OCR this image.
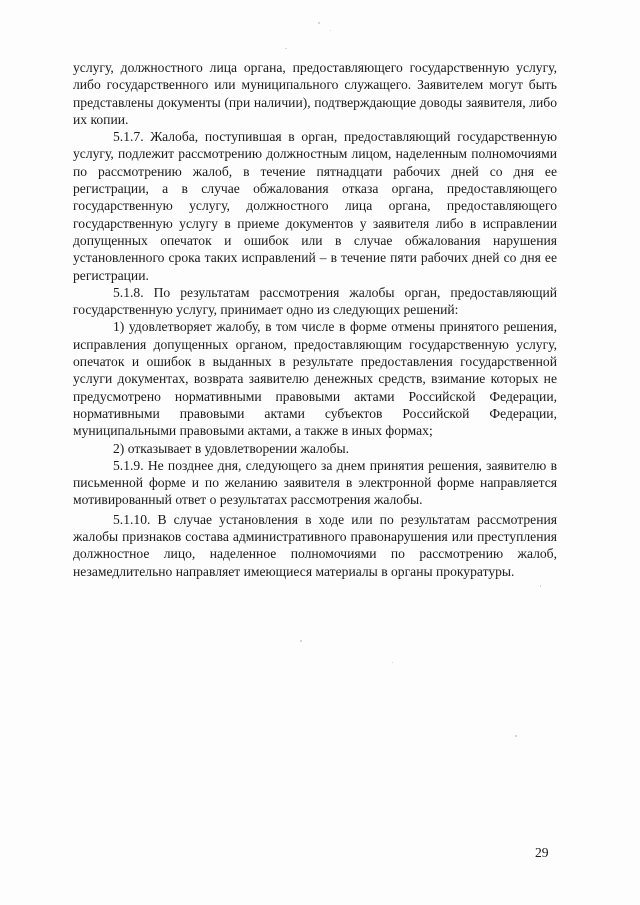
услугу, должностного лица органа, предоставляющего государственную услугу, либо государственного или муниципального служащего. Заявителем могут быть представлены документы (при наличии), подтверждающие доводы заявителя, либо их копии.

5.1.7. Жалоба, поступившая в орган, предоставляющий государственную услугу, подлежит рассмотрению должностным лицом, наделенным полномочиями по рассмотрению жалоб, в течение пятнадцати рабочих дней со дня ее регистрации, а в случае обжалования отказа органа, предоставляющего государственную услугу, должностного лица органа, предоставляющего государственную услугу в приеме документов у заявителя либо в исправлении допущенных опечаток и ошибок или в случае обжалования нарушения установленного срока таких исправлений – в течение пяти рабочих дней со дня ее регистрации.

5.1.8. По результатам рассмотрения жалобы орган, предоставляющий государственную услугу, принимает одно из следующих решений:

1) удовлетворяет жалобу, в том числе в форме отмены принятого решения, исправления допущенных органом, предоставляющим государственную услугу, опечаток и ошибок в выданных в результате предоставления государственной услуги документах, возврата заявителю денежных средств, взимание которых не предусмотрено нормативными правовыми актами Российской Федерации, нормативными правовыми актами субъектов Российской Федерации, муниципальными правовыми актами, а также в иных формах;

2) отказывает в удовлетворении жалобы.

5.1.9. Не позднее дня, следующего за днем принятия решения, заявителю в письменной форме и по желанию заявителя в электронной форме направляется мотивированный ответ о результатах рассмотрения жалобы.

5.1.10. В случае установления в ходе или по результатам рассмотрения жалобы признаков состава административного правонарушения или преступления должностное лицо, наделенное полномочиями по рассмотрению жалоб, незамедлительно направляет имеющиеся материалы в органы прокуратуры.

29
